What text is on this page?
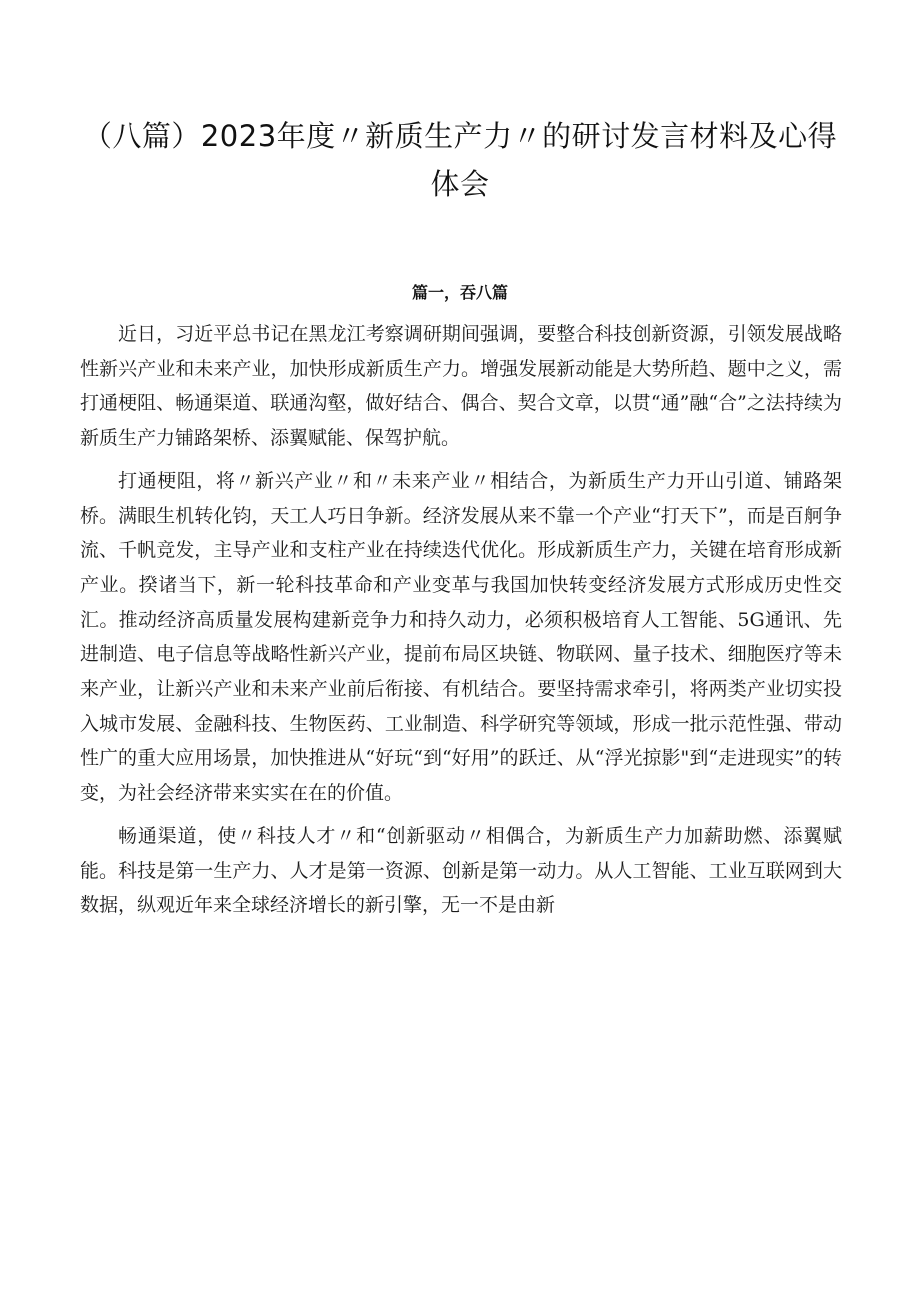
（八篇）2023年度〃新质生产力〃的研讨发言材料及心得体会
篇一，吞八篇

近日，习近平总书记在黑龙江考察调研期间强调，要整合科技创新资源，引领发展战略性新兴产业和未来产业，加快形成新质生产力。增强发展新动能是大势所趋、题中之义，需打通梗阻、畅通渠道、联通沟壑，做好结合、偶合、契合文章，以贯“通”融“合”之法持续为新质生产力铺路架桥、添翼赋能、保驾护航。

打通梗阻，将〃新兴产业〃和〃未来产业〃相结合，为新质生产力开山引道、铺路架桥。满眼生机转化钧，天工人巧日争新。经济发展从来不靠一个产业“打天下”，而是百舸争流、千帆竞发，主导产业和支柱产业在持续迭代优化。形成新质生产力，关键在培育形成新产业。揆诸当下，新一轮科技革命和产业变革与我国加快转变经济发展方式形成历史性交汇。推动经济高质量发展构建新竞争力和持久动力，必须积极培育人工智能、5G通讯、先进制造、电子信息等战略性新兴产业，提前布局区块链、物联网、量子技术、细胞医疗等未来产业，让新兴产业和未来产业前后衔接、有机结合。要坚持需求牵引，将两类产业切实投入城市发展、金融科技、生物医药、工业制造、科学研究等领域，形成一批示范性强、带动性广的重大应用场景，加快推进从“好玩“到“好用”的跃迁、从“浮光掠影"到“走进现实”的转变，为社会经济带来实实在在的价值。

畅通渠道，使〃科技人才〃和“创新驱动〃相偶合，为新质生产力加薪助燃、添翼赋能。科技是第一生产力、人才是第一资源、创新是第一动力。从人工智能、工业互联网到大数据，纵观近年来全球经济增长的新引擎，无一不是由新
